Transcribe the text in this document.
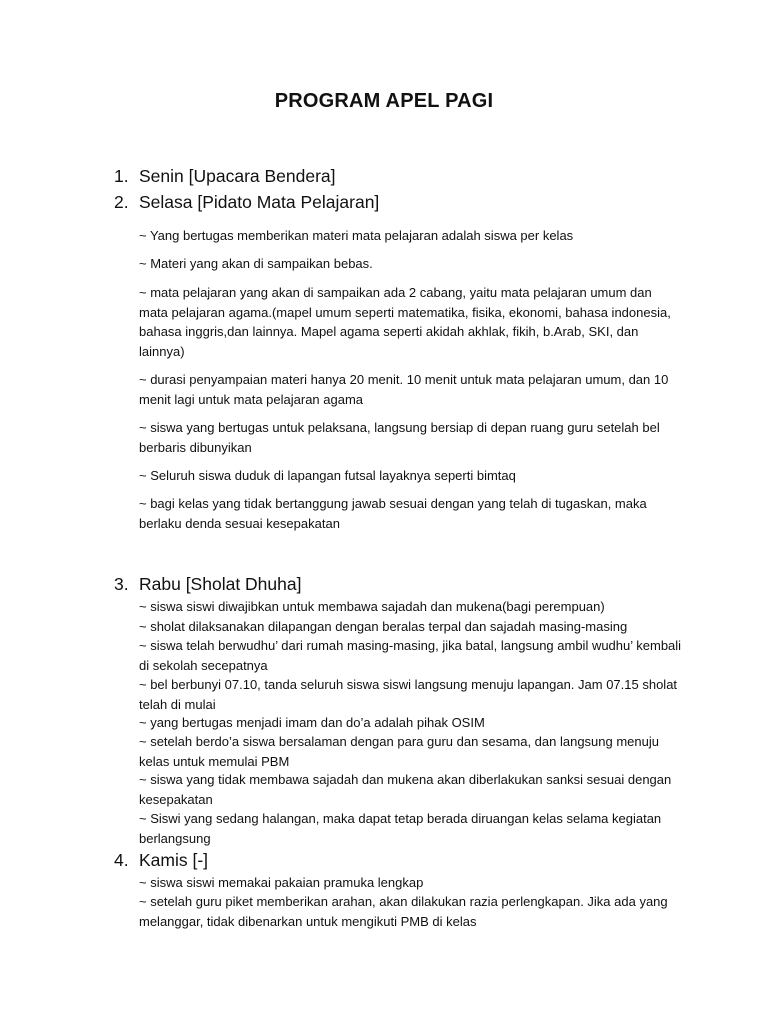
PROGRAM APEL PAGI
1. Senin [Upacara Bendera]
2. Selasa [Pidato Mata Pelajaran]
~ Yang bertugas memberikan materi mata pelajaran adalah siswa per kelas
~ Materi yang akan di sampaikan bebas.
~ mata pelajaran yang akan di sampaikan ada 2 cabang, yaitu mata pelajaran umum dan mata pelajaran agama.(mapel umum seperti matematika, fisika, ekonomi, bahasa indonesia, bahasa inggris,dan lainnya. Mapel agama seperti akidah akhlak, fikih, b.Arab, SKI, dan lainnya)
~ durasi penyampaian materi hanya 20 menit. 10 menit untuk mata pelajaran umum, dan 10 menit lagi untuk mata pelajaran agama
~ siswa yang bertugas untuk pelaksana, langsung bersiap di depan ruang guru setelah bel berbaris dibunyikan
~ Seluruh siswa duduk di lapangan futsal layaknya seperti bimtaq
~ bagi kelas yang tidak bertanggung jawab sesuai dengan yang telah di tugaskan, maka berlaku denda sesuai kesepakatan
3. Rabu [Sholat Dhuha]
~ siswa siswi diwajibkan untuk membawa sajadah dan mukena(bagi perempuan)
~ sholat dilaksanakan dilapangan dengan beralas terpal dan sajadah masing-masing
~ siswa telah berwudhu’ dari rumah masing-masing, jika batal, langsung ambil wudhu’ kembali di sekolah secepatnya
~ bel berbunyi 07.10, tanda seluruh siswa siswi langsung menuju lapangan. Jam 07.15 sholat telah di mulai
~ yang bertugas menjadi imam dan do’a adalah pihak OSIM
~ setelah berdo’a siswa bersalaman dengan para guru dan sesama, dan langsung menuju kelas untuk memulai PBM
~ siswa yang tidak membawa sajadah dan mukena akan diberlakukan sanksi sesuai dengan kesepakatan
~ Siswi yang sedang halangan, maka dapat tetap berada diruangan kelas selama kegiatan berlangsung
4. Kamis [-]
~ siswa siswi memakai pakaian pramuka lengkap
~ setelah guru piket memberikan arahan, akan dilakukan razia perlengkapan. Jika ada yang melanggar, tidak dibenarkan untuk mengikuti PMB di kelas
